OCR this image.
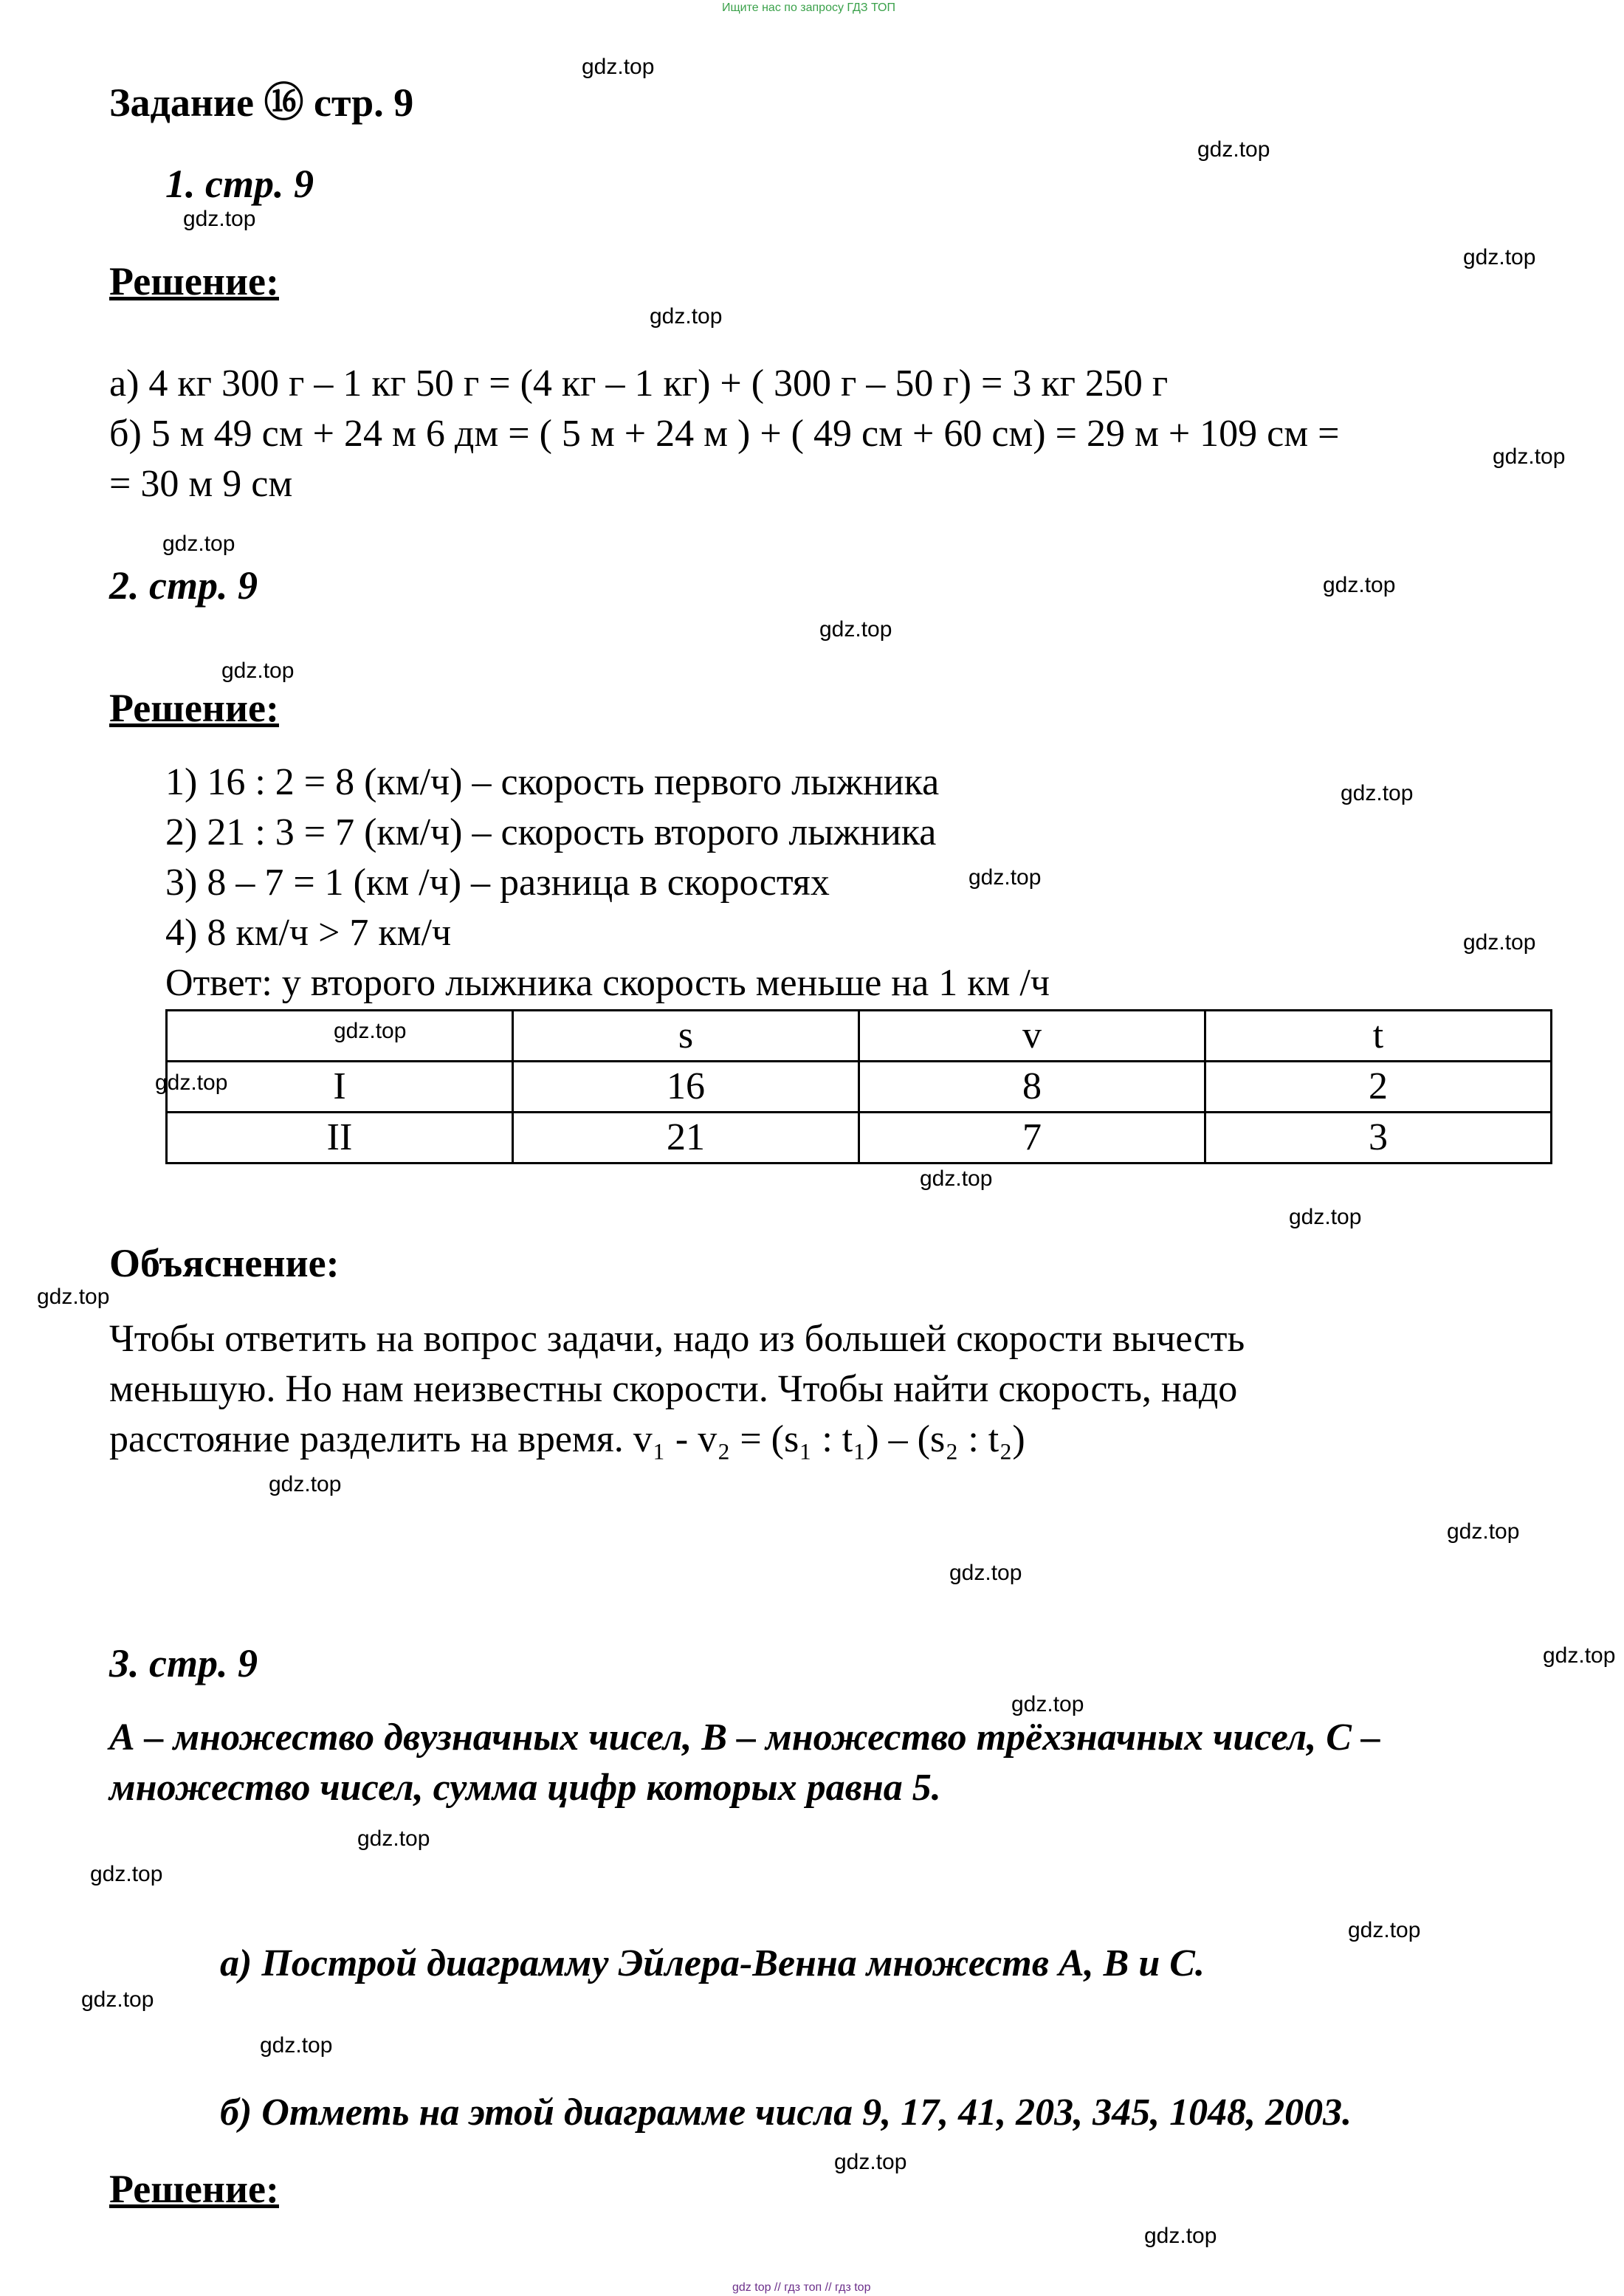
Ищите нас по запросу ГДЗ ТОП
Задание ⑯ стр. 9
1. стр. 9
Решение:
а) 4 кг 300 г – 1 кг 50 г = (4 кг – 1 кг) + ( 300 г – 50 г) = 3 кг 250 г
б) 5 м 49 см + 24 м 6 дм = ( 5 м + 24 м ) + ( 49 см + 60 см) = 29 м + 109 см =
= 30 м 9 см
2. стр. 9
Решение:
1) 16 : 2 = 8 (км/ч) – скорость первого лыжника
2) 21 : 3 = 7 (км/ч) – скорость второго лыжника
3) 8 – 7 = 1 (км /ч) – разница в скоростях
4) 8 км/ч > 7 км/ч
Ответ: у второго лыжника скорость меньше на 1 км /ч
	s	v	t
I	16	8	2
II	21	7	3
Объяснение:
Чтобы ответить на вопрос задачи, надо из большей скорости вычесть
меньшую. Но нам неизвестны скорости. Чтобы найти скорость, надо
расстояние разделить на время. v₁ - v₂ = (s₁ : t₁) – (s₂ : t₂)
3. стр. 9
А – множество двузначных чисел, В – множество трёхзначных чисел, С –
множество чисел, сумма цифр которых равна 5.
а) Построй диаграмму Эйлера-Венна множеств А, В и С.
б) Отметь на этой диаграмме числа 9, 17, 41, 203, 345, 1048, 2003.
Решение:
gdz.top
gdz.top
gdz.top
gdz.top
gdz.top
gdz.top
gdz.top
gdz.top
gdz.top
gdz.top
gdz.top
gdz.top
gdz.top
gdz.top
gdz.top
gdz.top
gdz.top
gdz.top
gdz.top
gdz.top
gdz.top
gdz.top
gdz.top
gdz.top
gdz.top
gdz.top
gdz.top
gdz.top
gdz.top
gdz.top
gdz top // гдз топ // гдз top
